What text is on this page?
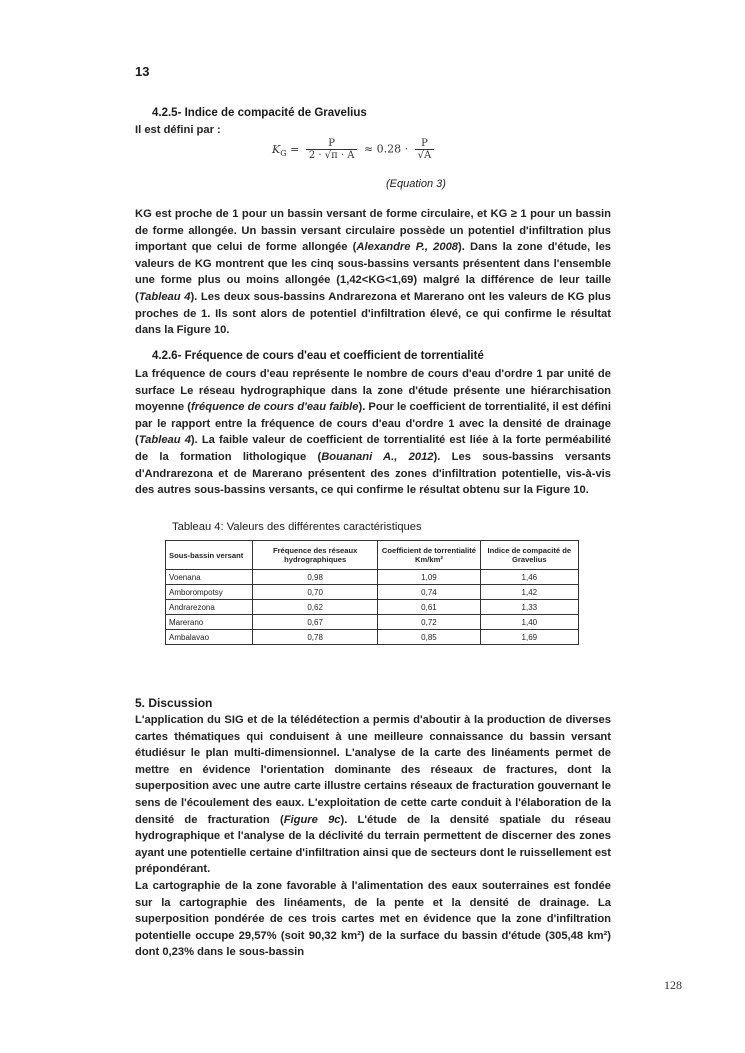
13
4.2.5- Indice de compacité de Gravelius
Il est défini par :
$K_G = \frac{P}{2 \cdot √\pi \cdot A} \approx 0.28 \cdot \frac{P}{√A}$
(Equation 3)
KG est proche de 1 pour un bassin versant de forme circulaire, et KG ≥ 1 pour un bassin de forme allongée. Un bassin versant circulaire possède un potentiel d'infiltration plus important que celui de forme allongée (Alexandre P., 2008). Dans la zone d'étude, les valeurs de KG montrent que les cinq sous-bassins versants présentent dans l'ensemble une forme plus ou moins allongée (1,42<KG<1,69) malgré la différence de leur taille (Tableau 4). Les deux sous-bassins Andrarezona et Marerano ont les valeurs de KG plus proches de 1. Ils sont alors de potentiel d'infiltration élevé, ce qui confirme le résultat dans la Figure 10.
4.2.6- Fréquence de cours d'eau et coefficient de torrentialité
La fréquence de cours d'eau représente le nombre de cours d'eau d'ordre 1 par unité de surface Le réseau hydrographique dans la zone d'étude présente une hiérarchisation moyenne (fréquence de cours d'eau faible). Pour le coefficient de torrentialité, il est défini par le rapport entre la fréquence de cours d'eau d'ordre 1 avec la densité de drainage (Tableau 4). La faible valeur de coefficient de torrentialité est liée à la forte perméabilité de la formation lithologique (Bouanani A., 2012). Les sous-bassins versants d'Andrarezona et de Marerano présentent des zones d'infiltration potentielle, vis-à-vis des autres sous-bassins versants, ce qui confirme le résultat obtenu sur la Figure 10.
Tableau 4: Valeurs des différentes caractéristiques
Sous-bassin versant	Fréquence des réseaux hydrographiques	Coefficient de torrentialité Km/km²	Indice de compacité de Gravelius
Voenana	0,98	1,09	1,46
Amborompotsy	0,70	0,74	1,42
Andrarezona	0,62	0,61	1,33
Marerano	0,67	0,72	1,40
Ambalavao	0,78	0,85	1,69
5. Discussion
L'application du SIG et de la télédétection a permis d'aboutir à la production de diverses cartes thématiques qui conduisent à une meilleure connaissance du bassin versant étudiésur le plan multi-dimensionnel. L'analyse de la carte des linéaments permet de mettre en évidence l'orientation dominante des réseaux de fractures, dont la superposition avec une autre carte illustre certains réseaux de fracturation gouvernant le sens de l'écoulement des eaux. L'exploitation de cette carte conduit à l'élaboration de la densité de fracturation (Figure 9c). L'étude de la densité spatiale du réseau hydrographique et l'analyse de la déclivité du terrain permettent de discerner des zones ayant une potentielle certaine d'infiltration ainsi que de secteurs dont le ruissellement est prépondérant.
La cartographie de la zone favorable à l'alimentation des eaux souterraines est fondée sur la cartographie des linéaments, de la pente et la densité de drainage. La superposition pondérée de ces trois cartes met en évidence que la zone d'infiltration potentielle occupe 29,57% (soit 90,32 km²) de la surface du bassin d'étude (305,48 km²) dont 0,23% dans le sous-bassin
128
